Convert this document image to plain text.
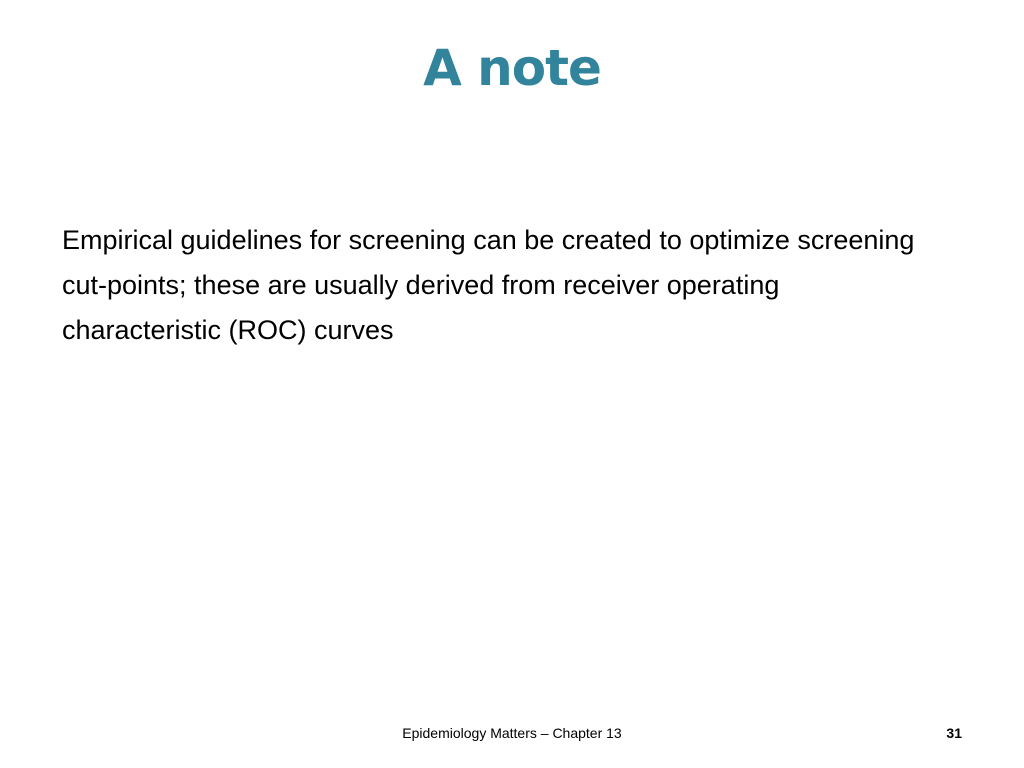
A note

Empirical guidelines for screening can be created to optimize screening cut-points; these are usually derived from receiver operating characteristic (ROC) curves

Epidemiology Matters – Chapter 13	31
